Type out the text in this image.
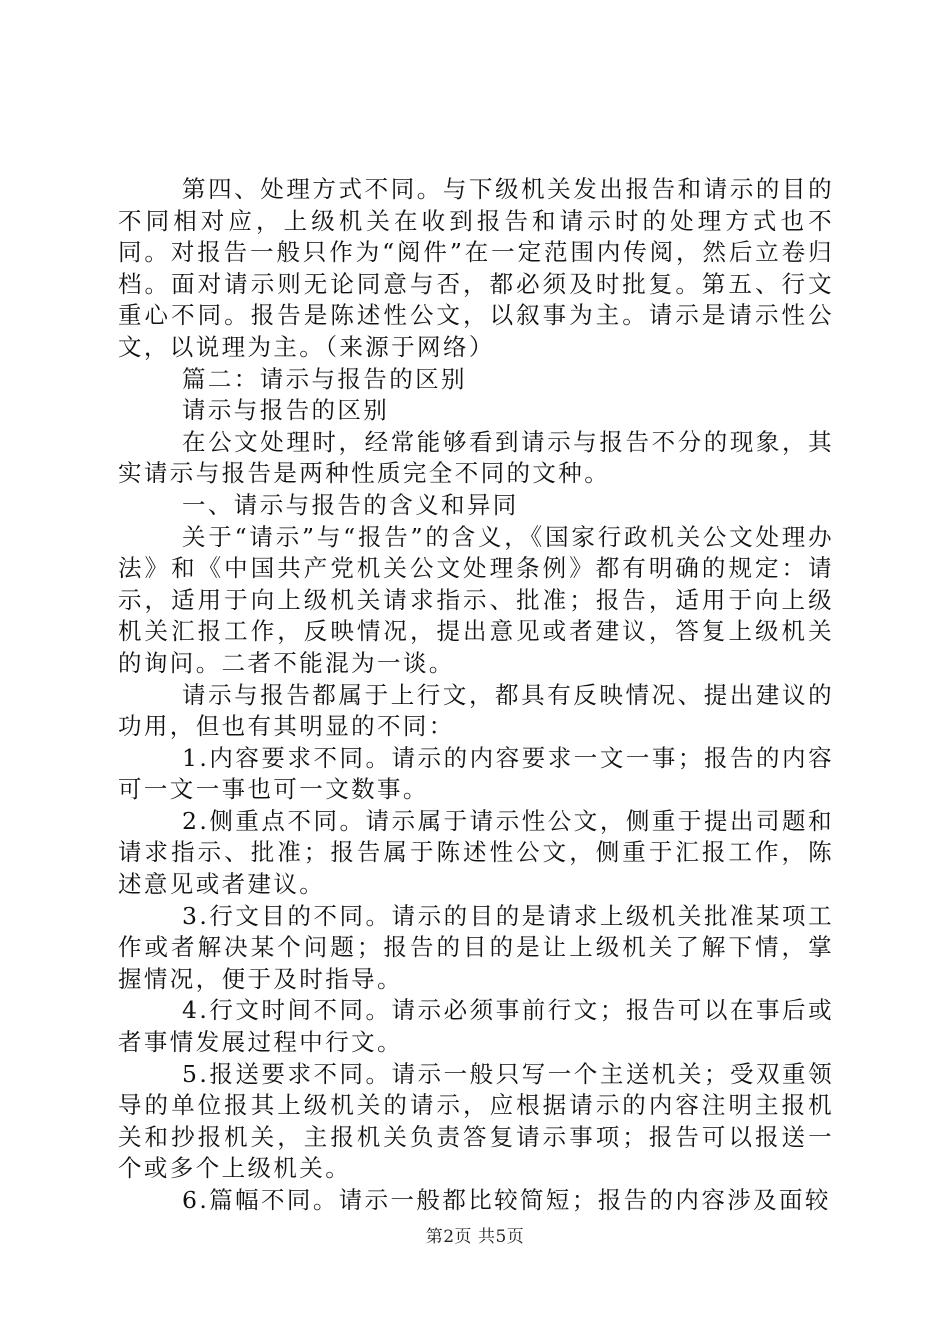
第四、处理方式不同。与下级机关发出报告和请示的目的不同相对应，上级机关在收到报告和请示时的处理方式也不同。对报告一般只作为“阅件”在一定范围内传阅，然后立卷归档。面对请示则无论同意与否，都必须及时批复。第五、行文重心不同。报告是陈述性公文，以叙事为主。请示是请示性公文，以说理为主。（来源于网络）

篇二：请示与报告的区别

请示与报告的区别

在公文处理时，经常能够看到请示与报告不分的现象，其实请示与报告是两种性质完全不同的文种。

一、请示与报告的含义和异同

关于“请示”与“报告”的含义，《国家行政机关公文处理办法》和《中国共产党机关公文处理条例》都有明确的规定：请示，适用于向上级机关请求指示、批准；报告，适用于向上级机关汇报工作，反映情况，提出意见或者建议，答复上级机关的询问。二者不能混为一谈。

请示与报告都属于上行文，都具有反映情况、提出建议的功用，但也有其明显的不同：

1.内容要求不同。请示的内容要求一文一事；报告的内容可一文一事也可一文数事。

2.侧重点不同。请示属于请示性公文，侧重于提出司题和请求指示、批准；报告属于陈述性公文，侧重于汇报工作，陈述意见或者建议。

3.行文目的不同。请示的目的是请求上级机关批准某项工作或者解决某个问题；报告的目的是让上级机关了解下情，掌握情况，便于及时指导。

4.行文时间不同。请示必须事前行文；报告可以在事后或者事情发展过程中行文。

5.报送要求不同。请示一般只写一个主送机关；受双重领导的单位报其上级机关的请示，应根据请示的内容注明主报机关和抄报机关，主报机关负责答复请示事项；报告可以报送一个或多个上级机关。

6.篇幅不同。请示一般都比较简短；报告的内容涉及面较

第2页 共5页
